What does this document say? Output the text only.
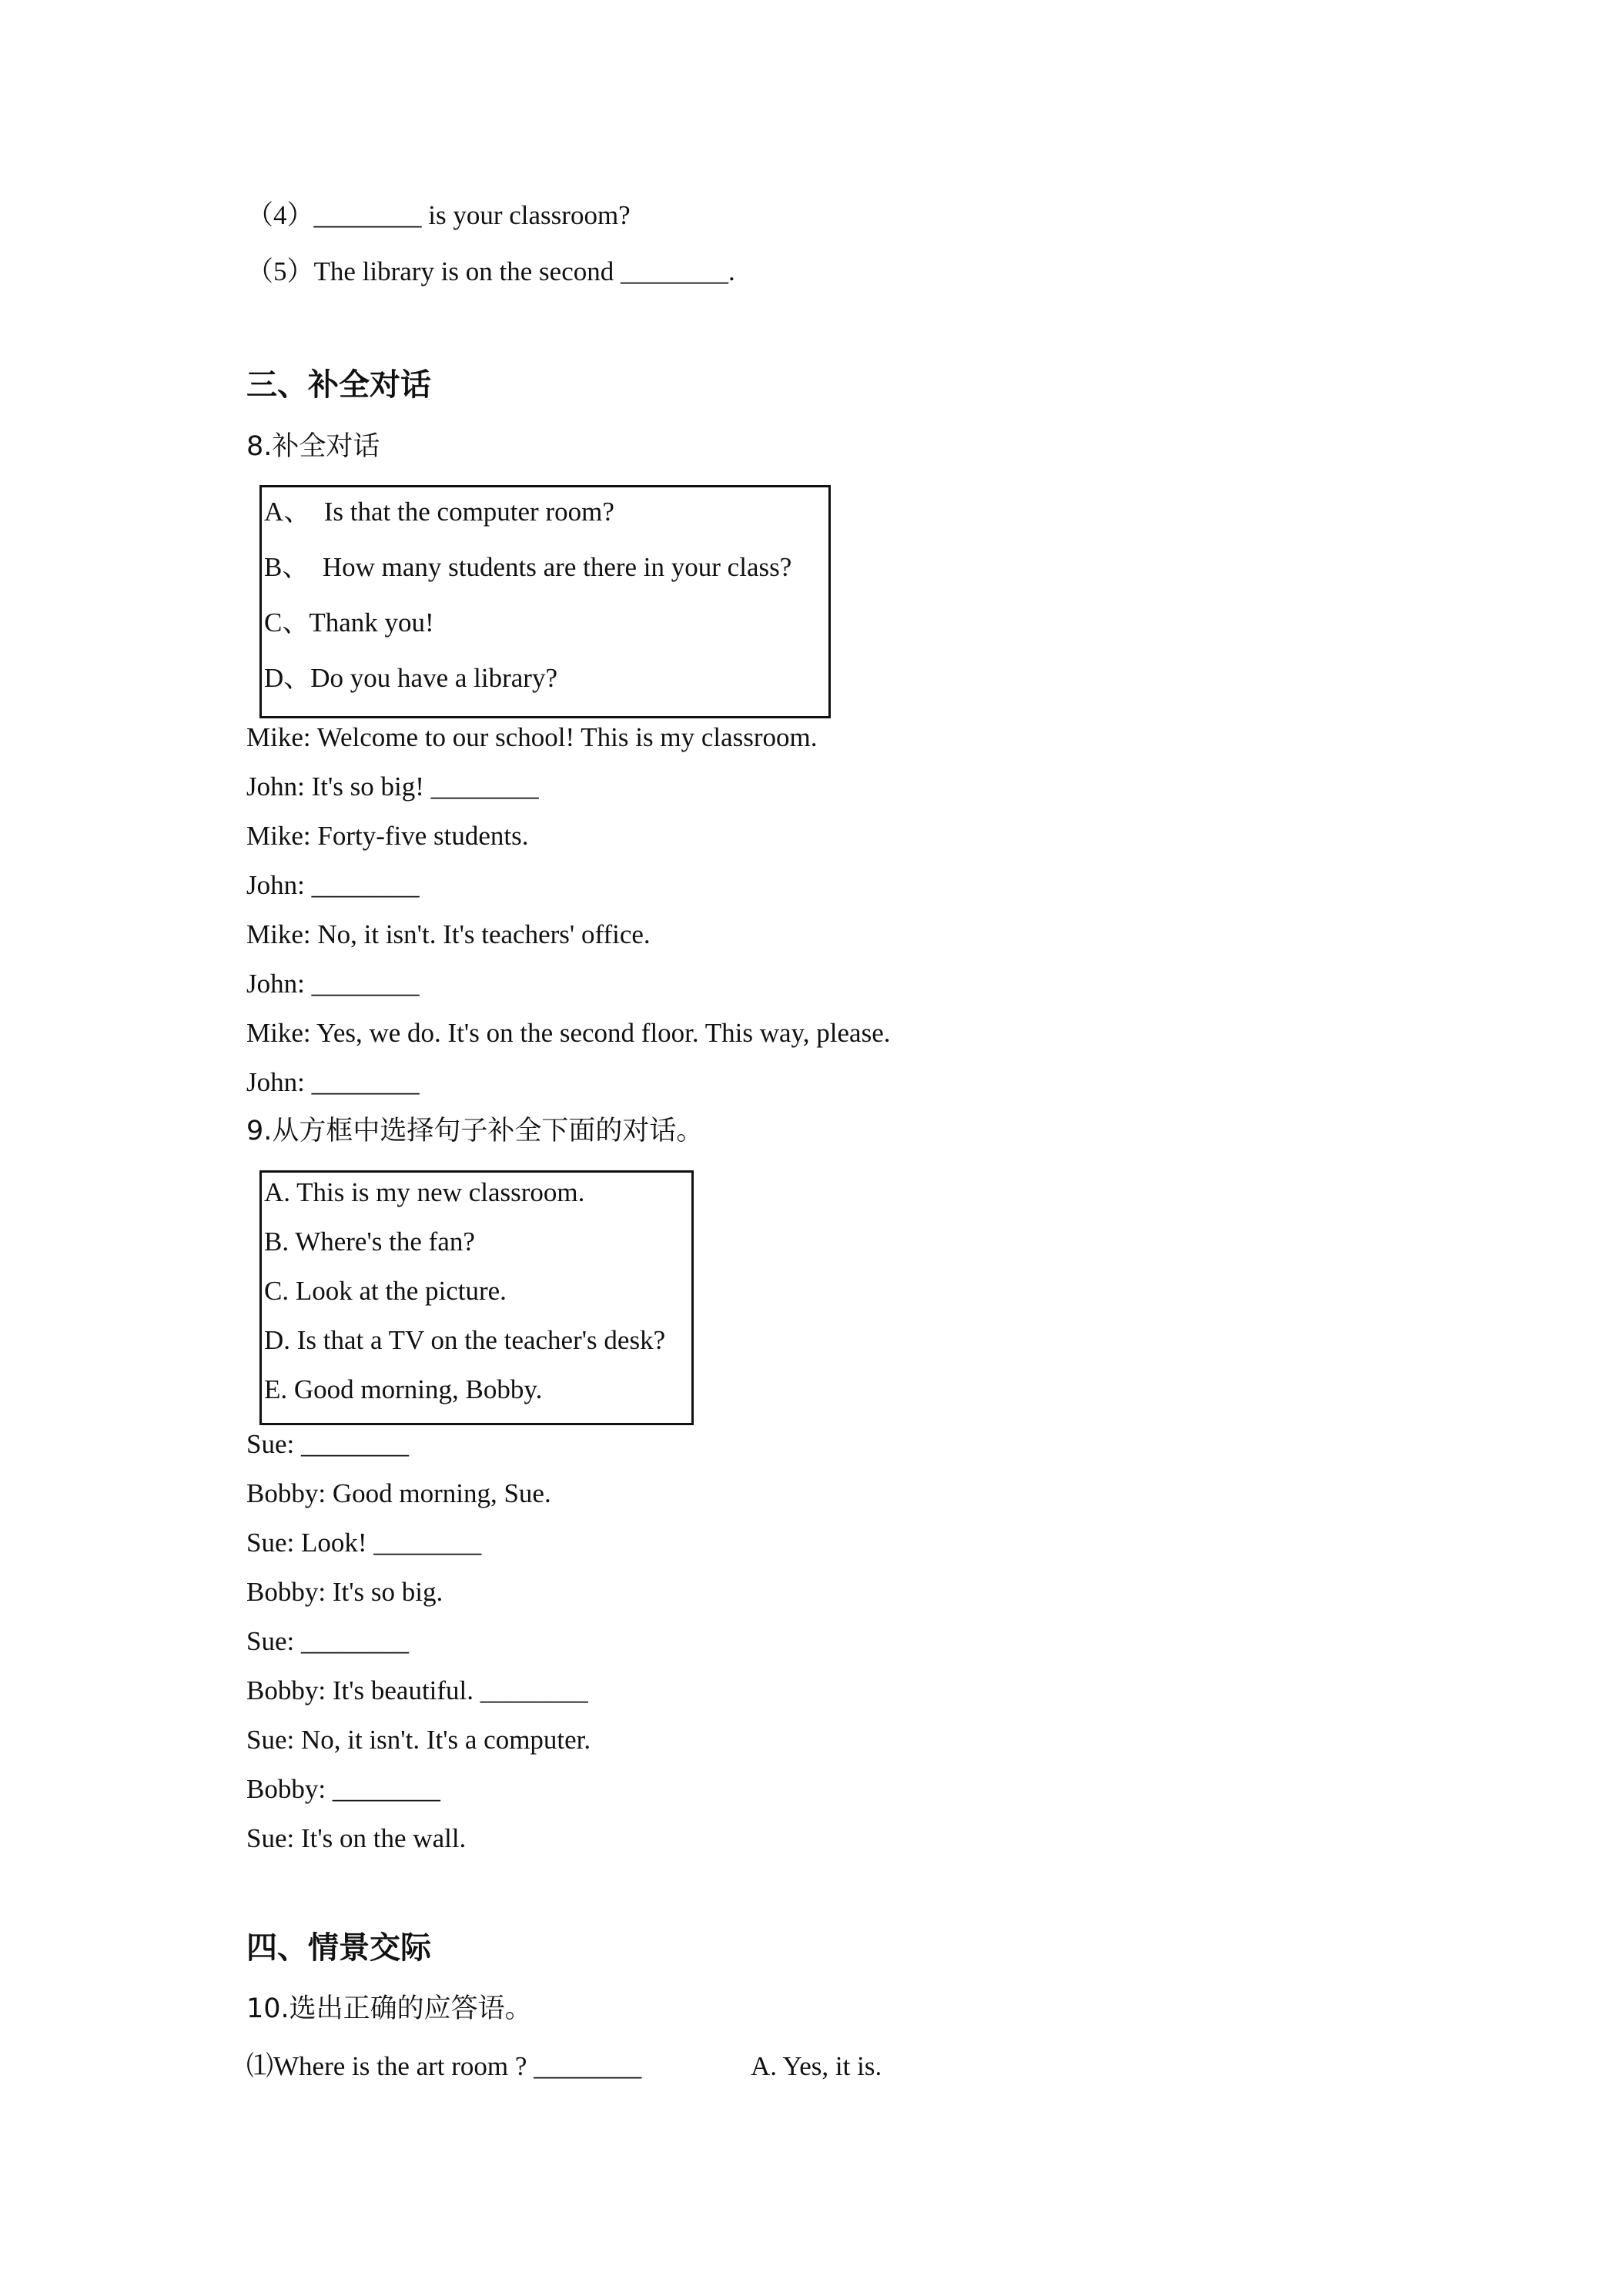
（4）________ is your classroom?
（5）The library is on the second ________.
三、补全对话
8.补全对话
A、  Is that the computer room?
B、  How many students are there in your class?
C、Thank you!
D、Do you have a library?
Mike: Welcome to our school! This is my classroom.
John: It's so big! ________
Mike: Forty-five students.
John: ________
Mike: No, it isn't. It's teachers' office.
John: ________
Mike: Yes, we do. It's on the second floor. This way, please.
John: ________
9.从方框中选择句子补全下面的对话。
A. This is my new classroom.
B. Where's the fan?
C. Look at the picture.
D. Is that a TV on the teacher's desk?
E. Good morning, Bobby.
Sue: ________
Bobby: Good morning, Sue.
Sue: Look! ________
Bobby: It's so big.
Sue: ________
Bobby: It's beautiful. ________
Sue: No, it isn't. It's a computer.
Bobby: ________
Sue: It's on the wall.
四、情景交际
10.选出正确的应答语。
⑴Where is the art room ? ________	A. Yes, it is.
